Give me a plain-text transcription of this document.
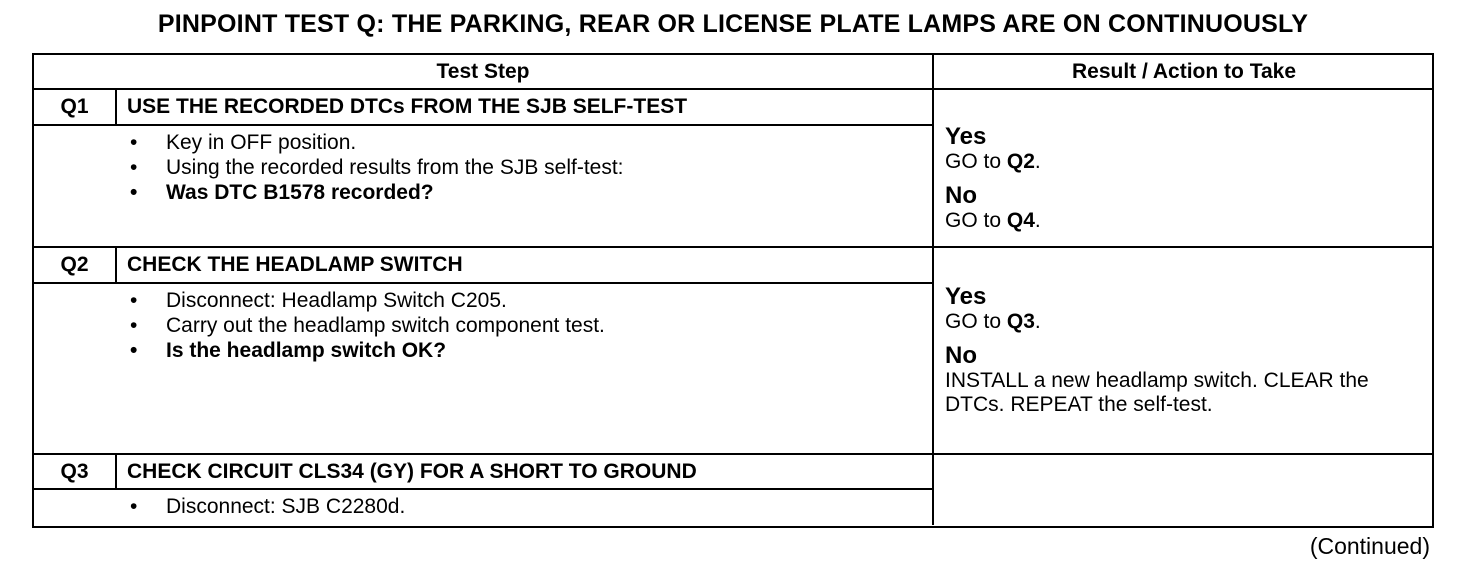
PINPOINT TEST Q: THE PARKING, REAR OR LICENSE PLATE LAMPS ARE ON CONTINUOUSLY
Test Step	Result / Action to Take
Q1	USE THE RECORDED DTCs FROM THE SJB SELF-TEST
• Key in OFF position.
• Using the recorded results from the SJB self-test:
• Was DTC B1578 recorded?
Yes
GO to Q2.
No
GO to Q4.
Q2	CHECK THE HEADLAMP SWITCH
• Disconnect: Headlamp Switch C205.
• Carry out the headlamp switch component test.
• Is the headlamp switch OK?
Yes
GO to Q3.
No
INSTALL a new headlamp switch. CLEAR the DTCs. REPEAT the self-test.
Q3	CHECK CIRCUIT CLS34 (GY) FOR A SHORT TO GROUND
• Disconnect: SJB C2280d.
(Continued)
